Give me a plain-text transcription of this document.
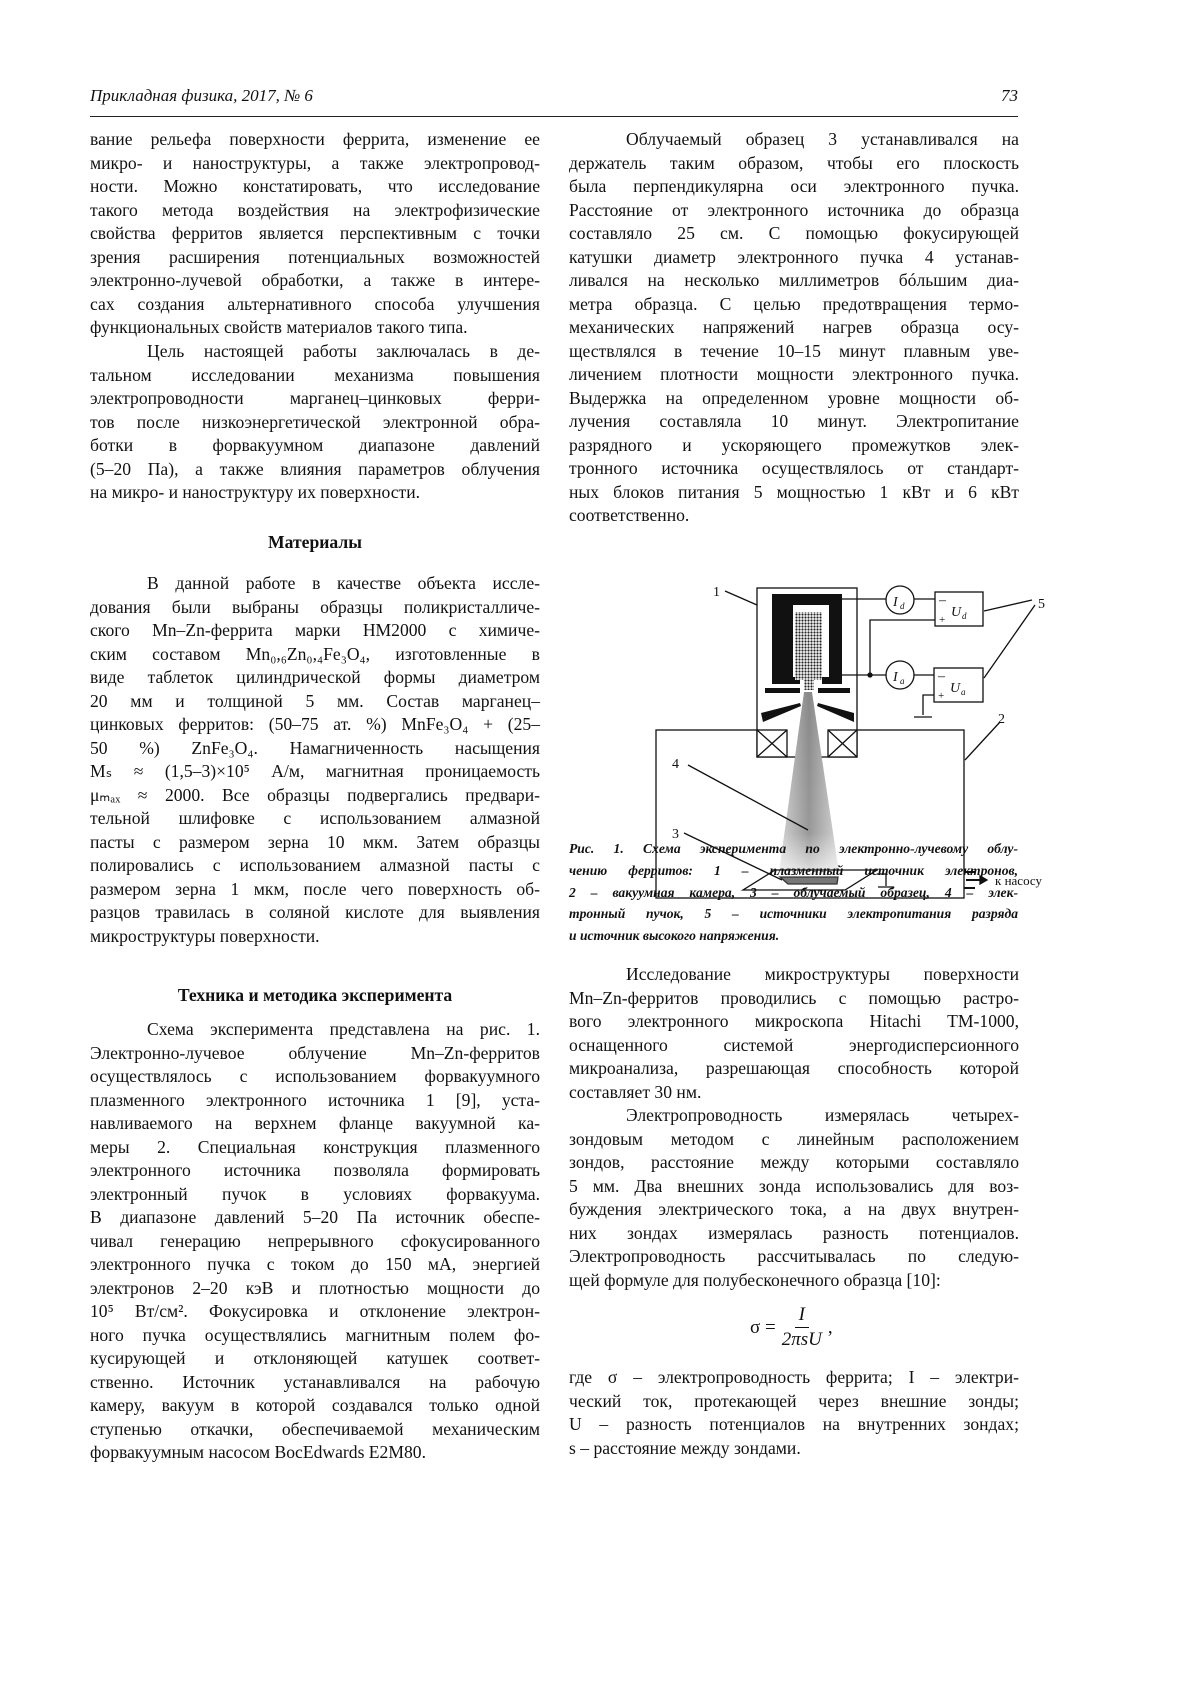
Прикладная физика, 2017, № 6	73
вание рельефа поверхности феррита, изменение ее
микро- и наноструктуры, а также электропровод-
ности. Можно констатировать, что исследование
такого метода воздействия на электрофизические
свойства ферритов является перспективным с точки
зрения расширения потенциальных возможностей
электронно-лучевой обработки, а также в интере-
сах создания альтернативного способа улучшения
функциональных свойств материалов такого типа.
Цель настоящей работы заключалась в де-
тальном исследовании механизма повышения
электропроводности марганец–цинковых ферри-
тов после низкоэнергетической электронной обра-
ботки в форвакуумном диапазоне давлений
(5–20 Па), а также влияния параметров облучения
на микро- и наноструктуру их поверхности.
Материалы
В данной работе в качестве объекта иссле-
дования были выбраны образцы поликристалличе-
ского Mn–Zn-феррита марки НМ2000 с химиче-
ским составом Mn₀,₆Zn₀,₄Fe₃O₄, изготовленные в
виде таблеток цилиндрической формы диаметром
20 мм и толщиной 5 мм. Состав марганец–
цинковых ферритов: (50–75 ат. %) MnFe₃O₄ + (25–
50 %) ZnFe₃O₄. Намагниченность насыщения
Mₛ ≈ (1,5–3)×10⁵ А/м, магнитная проницаемость
μₘₐₓ ≈ 2000. Все образцы подвергались предвари-
тельной шлифовке с использованием алмазной
пасты с размером зерна 10 мкм. Затем образцы
полировались с использованием алмазной пасты с
размером зерна 1 мкм, после чего поверхность об-
разцов травилась в соляной кислоте для выявления
микроструктуры поверхности.
Техника и методика эксперимента
Схема эксперимента представлена на рис. 1.
Электронно-лучевое облучение Mn–Zn-ферритов
осуществлялось с использованием форвакуумного
плазменного электронного источника 1 [9], уста-
навливаемого на верхнем фланце вакуумной ка-
меры 2. Специальная конструкция плазменного
электронного источника позволяла формировать
электронный пучок в условиях форвакуума.
В диапазоне давлений 5–20 Па источник обеспе-
чивал генерацию непрерывного сфокусированного
электронного пучка с током до 150 мА, энергией
электронов 2–20 кэВ и плотностью мощности до
10⁵ Вт/см². Фокусировка и отклонение электрон-
ного пучка осуществлялись магнитным полем фо-
кусирующей и отклоняющей катушек соответ-
ственно. Источник устанавливался на рабочую
камеру, вакуум в которой создавался только одной
ступенью откачки, обеспечиваемой механическим
форвакуумным насосом BocEdwards E2M80.
Облучаемый образец 3 устанавливался на
держатель таким образом, чтобы его плоскость
была перпендикулярна оси электронного пучка.
Расстояние от электронного источника до образца
составляло 25 см. С помощью фокусирующей
катушки диаметр электронного пучка 4 устанав-
ливался на несколько миллиметров бóльшим диа-
метра образца. С целью предотвращения термо-
механических напряжений нагрев образца осу-
ществлялся в течение 10–15 минут плавным уве-
личением плотности мощности электронного пучка.
Выдержка на определенном уровне мощности об-
лучения составляла 10 минут. Электропитание
разрядного и ускоряющего промежутков элек-
тронного источника осуществлялось от стандарт-
ных блоков питания 5 мощностью 1 кВт и 6 кВт
соответственно.
1
5
2
4
3
I d
I a
–
+ U d
–
+ U a
к насосу
Рис. 1. Схема эксперимента по электронно-лучевому облу-
чению ферритов: 1 – плазменный источник электронов,
2 – вакуумная камера, 3 – облучаемый образец, 4 – элек-
тронный пучок, 5 – источники электропитания разряда
и источник высокого напряжения.
Исследование микроструктуры поверхности
Mn–Zn-ферритов проводились с помощью растро-
вого электронного микроскопа Hitachi TM-1000,
оснащенного системой энергодисперсионного
микроанализа, разрешающая способность которой
составляет 30 нм.
Электропроводность измерялась четырех-
зондовым методом с линейным расположением
зондов, расстояние между которыми составляло
5 мм. Два внешних зонда использовались для воз-
буждения электрического тока, а на двух внутрен-
них зондах измерялась разность потенциалов.
Электропроводность рассчитывалась по следую-
щей формуле для полубесконечного образца [10]:
$\sigma = \frac{I}{\text{2πsU}}$ ,
где σ – электропроводность феррита; I – электри-
ческий ток, протекающей через внешние зонды;
U – разность потенциалов на внутренних зондах;
s – расстояние между зондами.
